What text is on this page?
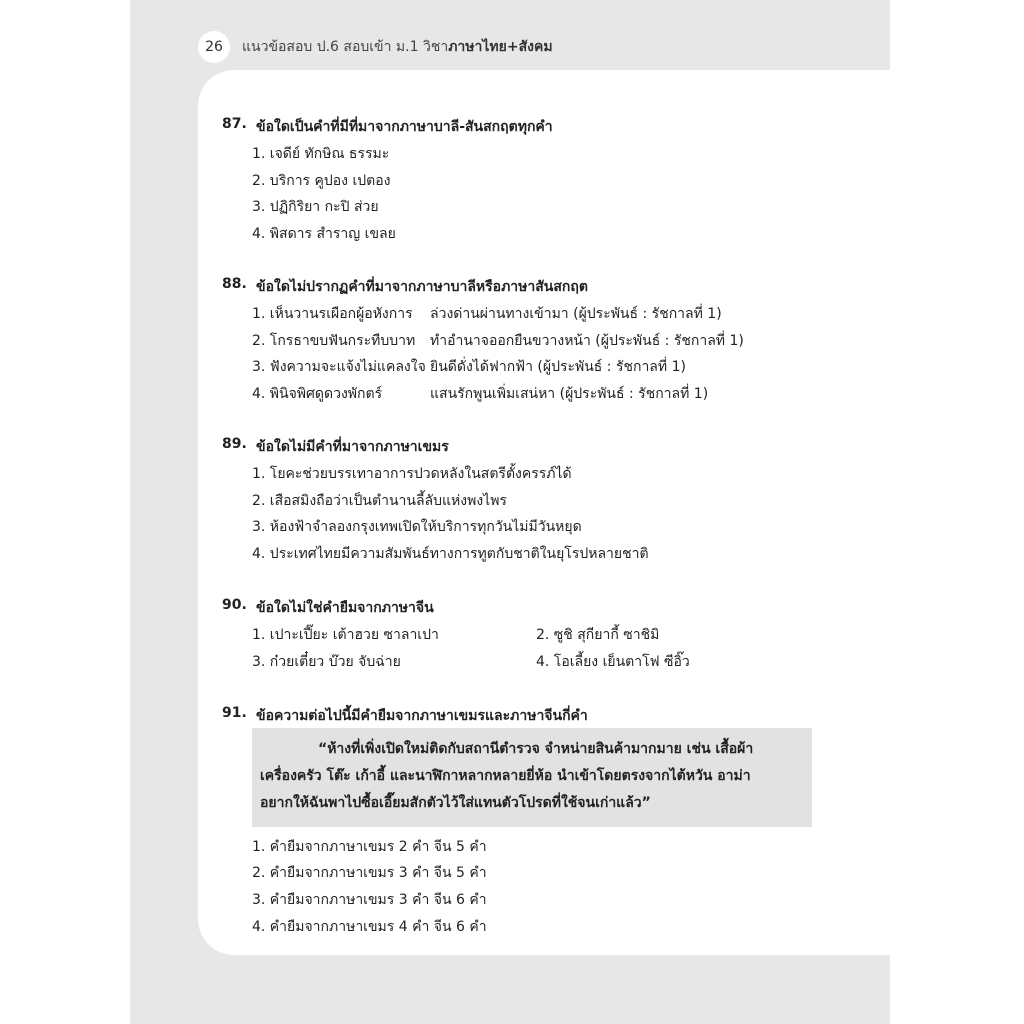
26	แนวข้อสอบ ป.6 สอบเข้า ม.1 วิชาภาษาไทย+สังคม
87. ข้อใดเป็นคำที่มีที่มาจากภาษาบาลี-สันสกฤตทุกคำ
1. เจดีย์ ทักษิณ ธรรมะ
2. บริการ คูปอง เปตอง
3. ปฏิกิริยา กะปิ ส่วย
4. พิสดาร สำราญ เขลย
88. ข้อใดไม่ปรากฏคำที่มาจากภาษาบาลีหรือภาษาสันสกฤต
1. เห็นวานรเผือกผู้อหังการ ล่วงด่านผ่านทางเข้ามา (ผู้ประพันธ์ : รัชกาลที่ 1)
2. โกรธาขบฟันกระทืบบาท ทำอำนาจออกยืนขวางหน้า (ผู้ประพันธ์ : รัชกาลที่ 1)
3. ฟังความจะแจ้งไม่แคลงใจ ยินดีดั่งได้ฟากฟ้า (ผู้ประพันธ์ : รัชกาลที่ 1)
4. พินิจพิศดูดวงพักตร์	แสนรักพูนเพิ่มเสน่หา (ผู้ประพันธ์ : รัชกาลที่ 1)
89. ข้อใดไม่มีคำที่มาจากภาษาเขมร
1. โยคะช่วยบรรเทาอาการปวดหลังในสตรีตั้งครรภ์ได้
2. เสือสมิงถือว่าเป็นตำนานลี้ลับแห่งพงไพร
3. ห้องฟ้าจำลองกรุงเทพเปิดให้บริการทุกวันไม่มีวันหยุด
4. ประเทศไทยมีความสัมพันธ์ทางการทูตกับชาติในยุโรปหลายชาติ
90. ข้อใดไม่ใช่คำยืมจากภาษาจีน
1. เปาะเปี๊ยะ เต้าฮวย ซาลาเปา	2. ซูชิ สุกียากี้ ซาชิมิ
3. ก๋วยเตี๋ยว บ๊วย จับฉ่าย	4. โอเลี้ยง เย็นตาโฟ ซีอิ๊ว
91. ข้อความต่อไปนี้มีคำยืมจากภาษาเขมรและภาษาจีนกี่คำ
“ห้างที่เพิ่งเปิดใหม่ติดกับสถานีตำรวจ จำหน่ายสินค้ามากมาย เช่น เสื้อผ้า
เครื่องครัว โต๊ะ เก้าอี้ และนาฬิกาหลากหลายยี่ห้อ นำเข้าโดยตรงจากไต้หวัน อาม่า
อยากให้ฉันพาไปซื้อเอี๊ยมสักตัวไว้ใส่แทนตัวโปรดที่ใช้จนเก่าแล้ว”
1. คำยืมจากภาษาเขมร 2 คำ จีน 5 คำ
2. คำยืมจากภาษาเขมร 3 คำ จีน 5 คำ
3. คำยืมจากภาษาเขมร 3 คำ จีน 6 คำ
4. คำยืมจากภาษาเขมร 4 คำ จีน 6 คำ
